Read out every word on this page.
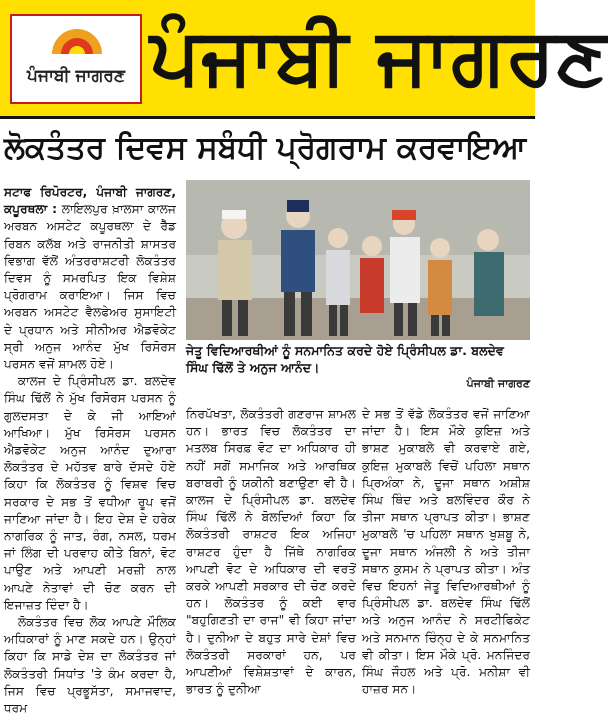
ਪੰਜਾਬੀ ਜਾਗਰਣ ਪੰਜਾਬੀ ਜਾਗਰਣ
ਲੋਕਤੰਤਰ ਦਿਵਸ ਸਬੰਧੀ ਪ੍ਰੋਗਰਾਮ ਕਰਵਾਇਆ

ਸਟਾਫ ਰਿਪੋਰਟਰ, ਪੰਜਾਬੀ ਜਾਗਰਣ, ਕਪੂਰਥਲਾ : ਲਾਇਲਪੁਰ ਖ਼ਾਲਸਾ ਕਾਲਜ ਅਰਬਨ ਅਸਟੇਟ ਕਪੂਰਥਲਾ ਦੇ ਰੈੱਡ ਰਿਬਨ ਕਲੱਬ ਅਤੇ ਰਾਜਨੀਤੀ ਸ਼ਾਸਤਰ ਵਿਭਾਗ ਵੱਲੋਂ ਅੰਤਰਰਾਸ਼ਟਰੀ ਲੋਕਤੰਤਰ ਦਿਵਸ ਨੂੰ ਸਮਰਪਿਤ ਇਕ ਵਿਸ਼ੇਸ਼ ਪ੍ਰੋਗਰਾਮ ਕਰਾਇਆ। ਜਿਸ ਵਿਚ ਅਰਬਨ ਅਸਟੇਟ ਵੈਲਫੇਅਰ ਸੁਸਾਇਟੀ ਦੇ ਪ੍ਰਧਾਨ ਅਤੇ ਸੀਨੀਅਰ ਐਡਵੋਕੇਟ ਸ੍ਰੀ ਅਨੁਜ ਆਨੰਦ ਮੁੱਖ ਰਿਸੋਰਸ ਪਰਸਨ ਵਜੋਂ ਸ਼ਾਮਲ ਹੋਏ।

ਕਾਲਜ ਦੇ ਪ੍ਰਿੰਸੀਪਲ ਡਾ. ਬਲਦੇਵ ਸਿੰਘ ਢਿੱਲੋਂ ਨੇ ਮੁੱਖ ਰਿਸੋਰਸ ਪਰਸਨ ਨੂੰ ਗੁਲਦਸਤਾ ਦੇ ਕੇ ਜੀ ਆਇਆਂ ਆਖਿਆ। ਮੁੱਖ ਰਿਸੋਰਸ ਪਰਸਨ ਐਡਵੋਕੇਟ ਅਨੁਜ ਆਨੰਦ ਦੁਆਰਾ ਲੋਕਤੰਤਰ ਦੇ ਮਹੱਤਵ ਬਾਰੇ ਦੱਸਦੇ ਹੋਏ ਕਿਹਾ ਕਿ ਲੋਕਤੰਤਰ ਨੂੰ ਵਿਸ਼ਵ ਵਿਚ ਸਰਕਾਰ ਦੇ ਸਭ ਤੋਂ ਵਧੀਆ ਰੂਪ ਵਜੋਂ ਜਾਣਿਆ ਜਾਂਦਾ ਹੈ। ਇਹ ਦੇਸ਼ ਦੇ ਹਰੇਕ ਨਾਗਰਿਕ ਨੂੰ ਜਾਤ, ਰੰਗ, ਨਸਲ, ਧਰਮ ਜਾਂ ਲਿੰਗ ਦੀ ਪਰਵਾਹ ਕੀਤੇ ਬਿਨਾਂ, ਵੋਟ ਪਾਉਣ ਅਤੇ ਆਪਣੀ ਮਰਜ਼ੀ ਨਾਲ ਆਪਣੇ ਨੇਤਾਵਾਂ ਦੀ ਚੋਣ ਕਰਨ ਦੀ ਇਜਾਜ਼ਤ ਦਿੰਦਾ ਹੈ।

ਲੋਕਤੰਤਰ ਵਿਚ ਲੋਕ ਆਪਣੇ ਮੌਲਿਕ ਅਧਿਕਾਰਾਂ ਨੂੰ ਮਾਣ ਸਕਦੇ ਹਨ। ਉਨ੍ਹਾਂ ਕਿਹਾ ਕਿ ਸਾਡੇ ਦੇਸ਼ ਦਾ ਲੋਕਤੰਤਰ ਜਾਂ ਲੋਕਤੰਤਰੀ ਸਿਧਾਂਤ 'ਤੇ ਕੰਮ ਕਰਦਾ ਹੈ, ਜਿਸ ਵਿਚ ਪ੍ਰਭੂਸੱਤਾ, ਸਮਾਜਵਾਦ, ਧਰਮ

ਜੇਤੂ ਵਿਦਿਆਰਥੀਆਂ ਨੂੰ ਸਨਮਾਨਿਤ ਕਰਦੇ ਹੋਏ ਪ੍ਰਿੰਸੀਪਲ ਡਾ. ਬਲਦੇਵ ਸਿੰਘ ਢਿੱਲੋਂ ਤੇ ਅਨੁਜ ਆਨੰਦ।
ਪੰਜਾਬੀ ਜਾਗਰਣ

ਨਿਰਪੱਖਤਾ, ਲੋਕਤੰਤਰੀ ਗਣਰਾਜ ਸ਼ਾਮਲ ਹਨ। ਭਾਰਤ ਵਿਚ ਲੋਕਤੰਤਰ ਦਾ ਮਤਲਬ ਸਿਰਫ਼ ਵੋਟ ਦਾ ਅਧਿਕਾਰ ਹੀ ਨਹੀਂ ਸਗੋਂ ਸਮਾਜਿਕ ਅਤੇ ਆਰਥਿਕ ਬਰਾਬਰੀ ਨੂੰ ਯਕੀਨੀ ਬਣਾਉਣਾ ਵੀ ਹੈ। ਕਾਲਜ ਦੇ ਪ੍ਰਿੰਸੀਪਲ ਡਾ. ਬਲਦੇਵ ਸਿੰਘ ਢਿੱਲੋਂ ਨੇ ਬੋਲਦਿਆਂ ਕਿਹਾ ਕਿ ਲੋਕਤੰਤਰੀ ਰਾਸ਼ਟਰ ਇਕ ਅਜਿਹਾ ਰਾਸ਼ਟਰ ਹੁੰਦਾ ਹੈ ਜਿੱਥੇ ਨਾਗਰਿਕ ਆਪਣੀ ਵੋਟ ਦੇ ਅਧਿਕਾਰ ਦੀ ਵਰਤੋਂ ਕਰਕੇ ਆਪਣੀ ਸਰਕਾਰ ਦੀ ਚੋਣ ਕਰਦੇ ਹਨ। ਲੋਕਤੰਤਰ ਨੂੰ ਕਈ ਵਾਰ "ਬਹੁਗਿਣਤੀ ਦਾ ਰਾਜ" ਵੀ ਕਿਹਾ ਜਾਂਦਾ ਹੈ। ਦੁਨੀਆ ਦੇ ਬਹੁਤ ਸਾਰੇ ਦੇਸ਼ਾਂ ਵਿਚ ਲੋਕਤੰਤਰੀ ਸਰਕਾਰਾਂ ਹਨ, ਪਰ ਆਪਣੀਆਂ ਵਿਸ਼ੇਸ਼ਤਾਵਾਂ ਦੇ ਕਾਰਨ, ਭਾਰਤ ਨੂੰ ਦੁਨੀਆ

ਦੇ ਸਭ ਤੋਂ ਵੱਡੇ ਲੋਕਤੰਤਰ ਵਜੋਂ ਜਾਣਿਆ ਜਾਂਦਾ ਹੈ। ਇਸ ਮੌਕੇ ਕੁਇਜ਼ ਅਤੇ ਭਾਸ਼ਣ ਮੁਕਾਬਲੇ ਵੀ ਕਰਵਾਏ ਗਏ, ਕੁਇਜ਼ ਮੁਕਾਬਲੇ ਵਿਚੋਂ ਪਹਿਲਾ ਸਥਾਨ ਪ੍ਰਿਅੰਕਾ ਨੇ, ਦੂਜਾ ਸਥਾਨ ਅਸ਼ੀਸ਼ ਸਿੰਘ ਥਿੰਦ ਅਤੇ ਬਲਵਿੰਦਰ ਕੌਰ ਨੇ ਤੀਜਾ ਸਥਾਨ ਪ੍ਰਾਪਤ ਕੀਤਾ। ਭਾਸ਼ਣ ਮੁਕਾਬਲੇ 'ਚ ਪਹਿਲਾ ਸਥਾਨ ਖੁਸ਼ਬੂ ਨੇ, ਦੂਜਾ ਸਥਾਨ ਅੰਜਲੀ ਨੇ ਅਤੇ ਤੀਜਾ ਸਥਾਨ ਕੁਸਮ ਨੇ ਪ੍ਰਾਪਤ ਕੀਤਾ। ਅੰਤ ਵਿਚ ਇਹਨਾਂ ਜੇਤੂ ਵਿਦਿਆਰਥੀਆਂ ਨੂੰ ਪ੍ਰਿੰਸੀਪਲ ਡਾ. ਬਲਦੇਵ ਸਿੰਘ ਢਿੱਲੋਂ ਅਤੇ ਅਨੁਜ ਆਨੰਦ ਨੇ ਸਰਟੀਫਿਕੇਟ ਅਤੇ ਸਨਮਾਨ ਚਿੰਨ੍ਹ ਦੇ ਕੇ ਸਨਮਾਨਿਤ ਵੀ ਕੀਤਾ। ਇਸ ਮੌਕੇ ਪ੍ਰੋ. ਮਨਜਿੰਦਰ ਸਿੰਘ ਜੌਹਲ ਅਤੇ ਪ੍ਰੋ. ਮਨੀਸ਼ਾ ਵੀ ਹਾਜ਼ਰ ਸਨ।
